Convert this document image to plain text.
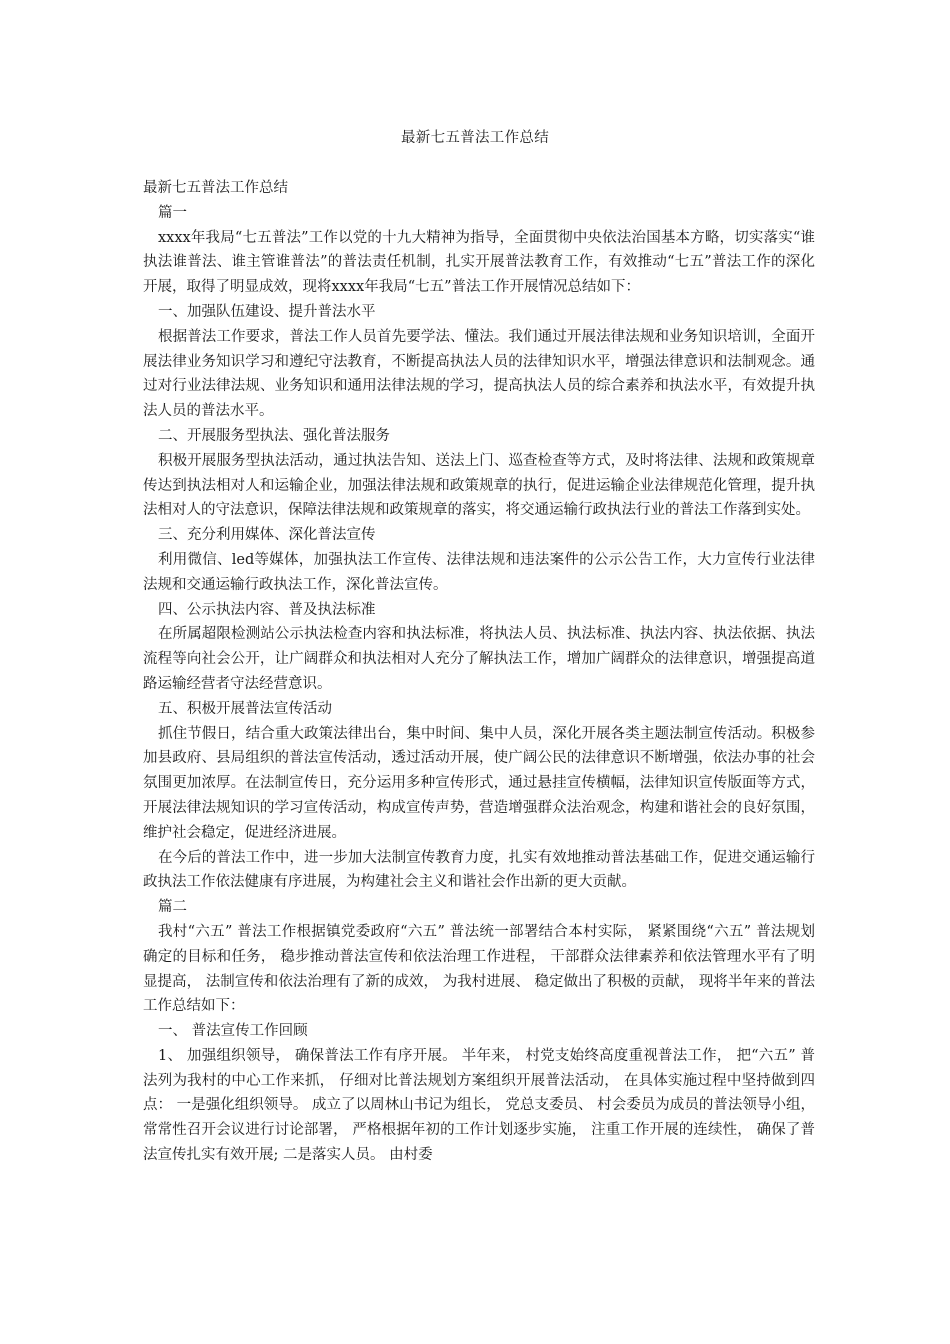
最新七五普法工作总结

最新七五普法工作总结

篇一

xxxx年我局“七五普法”工作以党的十九大精神为指导，全面贯彻中央依法治国基本方略，切实落实“谁执法谁普法、谁主管谁普法”的普法责任机制，扎实开展普法教育工作，有效推动“七五”普法工作的深化开展，取得了明显成效，现将xxxx年我局“七五”普法工作开展情况总结如下：

一、加强队伍建设、提升普法水平

根据普法工作要求，普法工作人员首先要学法、懂法。我们通过开展法律法规和业务知识培训，全面开展法律业务知识学习和遵纪守法教育，不断提高执法人员的法律知识水平，增强法律意识和法制观念。通过对行业法律法规、业务知识和通用法律法规的学习，提高执法人员的综合素养和执法水平，有效提升执法人员的普法水平。

二、开展服务型执法、强化普法服务

积极开展服务型执法活动，通过执法告知、送法上门、巡查检查等方式，及时将法律、法规和政策规章传达到执法相对人和运输企业，加强法律法规和政策规章的执行，促进运输企业法律规范化管理，提升执法相对人的守法意识，保障法律法规和政策规章的落实，将交通运输行政执法行业的普法工作落到实处。

三、充分利用媒体、深化普法宣传

利用微信、led等媒体，加强执法工作宣传、法律法规和违法案件的公示公告工作，大力宣传行业法律法规和交通运输行政执法工作，深化普法宣传。

四、公示执法内容、普及执法标准

在所属超限检测站公示执法检查内容和执法标准，将执法人员、执法标准、执法内容、执法依据、执法流程等向社会公开，让广阔群众和执法相对人充分了解执法工作，增加广阔群众的法律意识，增强提高道路运输经营者守法经营意识。

五、积极开展普法宣传活动

抓住节假日，结合重大政策法律出台，集中时间、集中人员，深化开展各类主题法制宣传活动。积极参加县政府、县局组织的普法宣传活动，透过活动开展，使广阔公民的法律意识不断增强，依法办事的社会氛围更加浓厚。在法制宣传日，充分运用多种宣传形式，通过悬挂宣传横幅，法律知识宣传版面等方式，开展法律法规知识的学习宣传活动，构成宣传声势，营造增强群众法治观念，构建和谐社会的良好氛围，维护社会稳定，促进经济进展。

在今后的普法工作中，进一步加大法制宣传教育力度，扎实有效地推动普法基础工作，促进交通运输行政执法工作依法健康有序进展，为构建社会主义和谐社会作出新的更大贡献。

篇二

我村“六五” 普法工作根据镇党委政府“六五” 普法统一部署结合本村实际， 紧紧围绕“六五” 普法规划确定的目标和任务， 稳步推动普法宣传和依法治理工作进程， 干部群众法律素养和依法管理水平有了明显提高， 法制宣传和依法治理有了新的成效， 为我村进展、 稳定做出了积极的贡献， 现将半年来的普法工作总结如下：

一、 普法宣传工作回顾

1、 加强组织领导， 确保普法工作有序开展。 半年来， 村党支始终高度重视普法工作， 把“六五” 普法列为我村的中心工作来抓， 仔细对比普法规划方案组织开展普法活动， 在具体实施过程中坚持做到四点： 一是强化组织领导。 成立了以周林山书记为组长， 党总支委员、 村会委员为成员的普法领导小组， 常常性召开会议进行讨论部署， 严格根据年初的工作计划逐步实施， 注重工作开展的连续性， 确保了普法宣传扎实有效开展; 二是落实人员。 由村委
